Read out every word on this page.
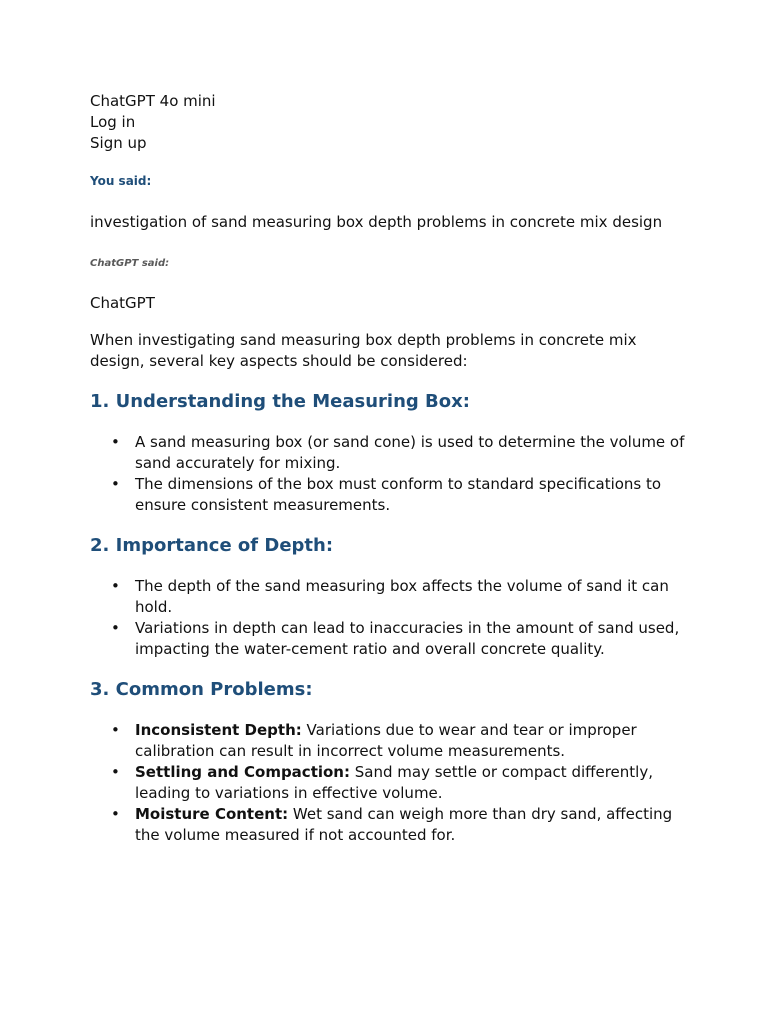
ChatGPT 4o mini

Log in

Sign up

You said:

investigation of sand measuring box depth problems in concrete mix design

ChatGPT said:

ChatGPT

When investigating sand measuring box depth problems in concrete mix design, several key aspects should be considered:

1. Understanding the Measuring Box:
• A sand measuring box (or sand cone) is used to determine the volume of sand accurately for mixing.
• The dimensions of the box must conform to standard specifications to ensure consistent measurements.
2. Importance of Depth:
• The depth of the sand measuring box affects the volume of sand it can hold.
• Variations in depth can lead to inaccuracies in the amount of sand used, impacting the water-cement ratio and overall concrete quality.
3. Common Problems:
• Inconsistent Depth: Variations due to wear and tear or improper calibration can result in incorrect volume measurements.
• Settling and Compaction: Sand may settle or compact differently, leading to variations in effective volume.
• Moisture Content: Wet sand can weigh more than dry sand, affecting the volume measured if not accounted for.
